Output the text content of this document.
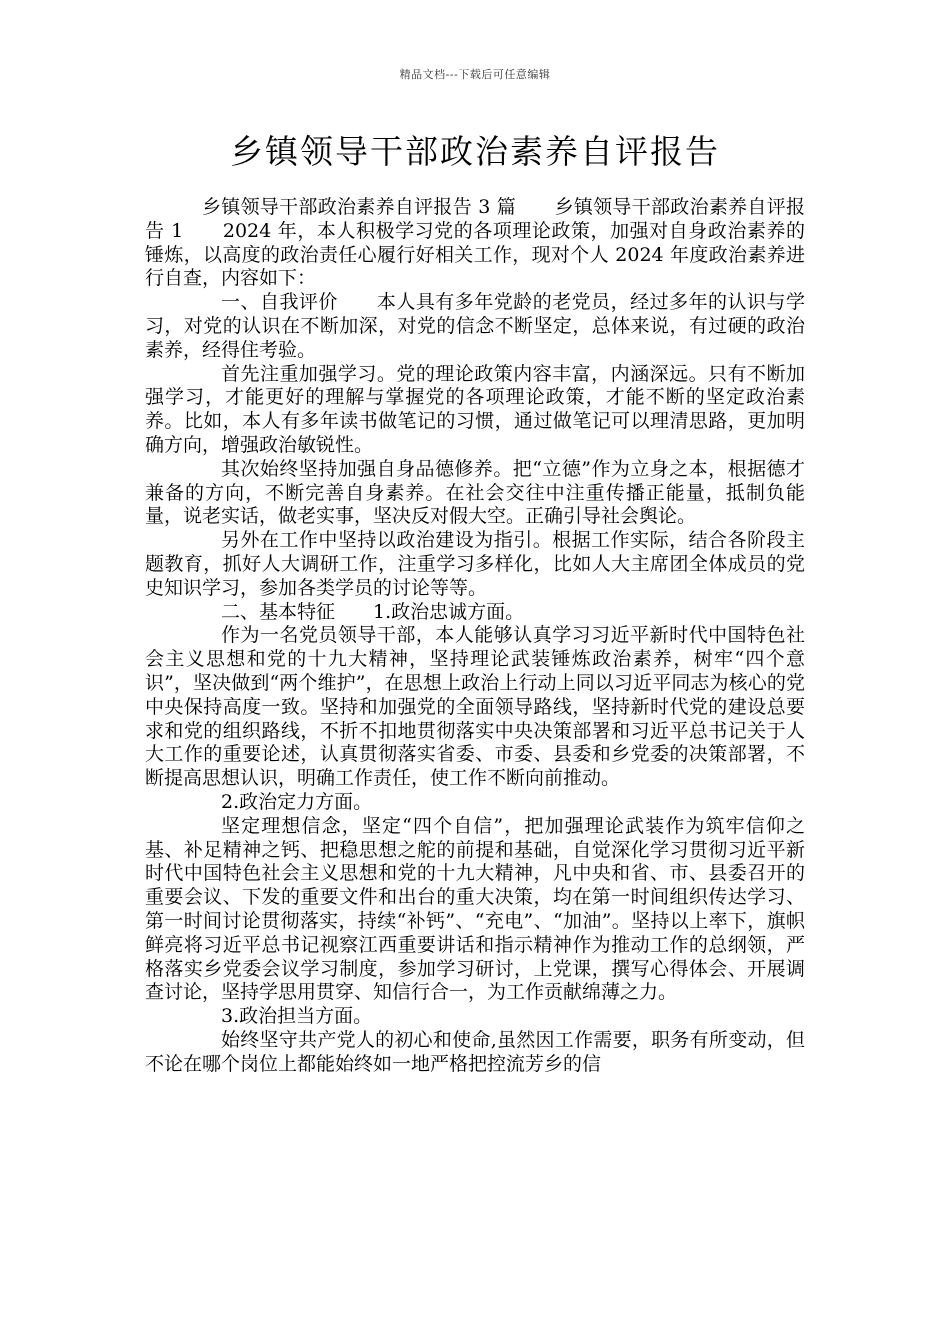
精品文档---下载后可任意编辑
乡镇领导干部政治素养自评报告

乡镇领导干部政治素养自评报告 3 篇　　乡镇领导干部政治素养自评报告 1　　2024 年，本人积极学习党的各项理论政策，加强对自身政治素养的锤炼，以高度的政治责任心履行好相关工作，现对个人 2024 年度政治素养进行自查，内容如下：

一、自我评价　　本人具有多年党龄的老党员，经过多年的认识与学习，对党的认识在不断加深，对党的信念不断坚定，总体来说，有过硬的政治素养，经得住考验。

首先注重加强学习。党的理论政策内容丰富，内涵深远。只有不断加强学习，才能更好的理解与掌握党的各项理论政策，才能不断的坚定政治素养。比如，本人有多年读书做笔记的习惯，通过做笔记可以理清思路，更加明确方向，增强政治敏锐性。

其次始终坚持加强自身品德修养。把“立德”作为立身之本，根据德才兼备的方向，不断完善自身素养。在社会交往中注重传播正能量，抵制负能量，说老实话，做老实事，坚决反对假大空。正确引导社会舆论。

另外在工作中坚持以政治建设为指引。根据工作实际，结合各阶段主题教育，抓好人大调研工作，注重学习多样化，比如人大主席团全体成员的党史知识学习，参加各类学员的讨论等等。

二、基本特征　　1.政治忠诚方面。

作为一名党员领导干部，本人能够认真学习习近平新时代中国特色社会主义思想和党的十九大精神，坚持理论武装锤炼政治素养，树牢“四个意识”，坚决做到“两个维护”，在思想上政治上行动上同以习近平同志为核心的党中央保持高度一致。坚持和加强党的全面领导路线，坚持新时代党的建设总要求和党的组织路线，不折不扣地贯彻落实中央决策部署和习近平总书记关于人大工作的重要论述，认真贯彻落实省委、市委、县委和乡党委的决策部署，不断提高思想认识，明确工作责任，使工作不断向前推动。

2.政治定力方面。

坚定理想信念，坚定“四个自信”，把加强理论武装作为筑牢信仰之基、补足精神之钙、把稳思想之舵的前提和基础，自觉深化学习贯彻习近平新时代中国特色社会主义思想和党的十九大精神，凡中央和省、市、县委召开的重要会议、下发的重要文件和出台的重大决策，均在第一时间组织传达学习、第一时间讨论贯彻落实，持续“补钙”、“充电”、“加油”。坚持以上率下，旗帜鲜亮将习近平总书记视察江西重要讲话和指示精神作为推动工作的总纲领，严格落实乡党委会议学习制度，参加学习研讨，上党课，撰写心得体会、开展调查讨论，坚持学思用贯穿、知信行合一，为工作贡献绵薄之力。

3.政治担当方面。

始终坚守共产党人的初心和使命,虽然因工作需要，职务有所变动，但不论在哪个岗位上都能始终如一地严格把控流芳乡的信
